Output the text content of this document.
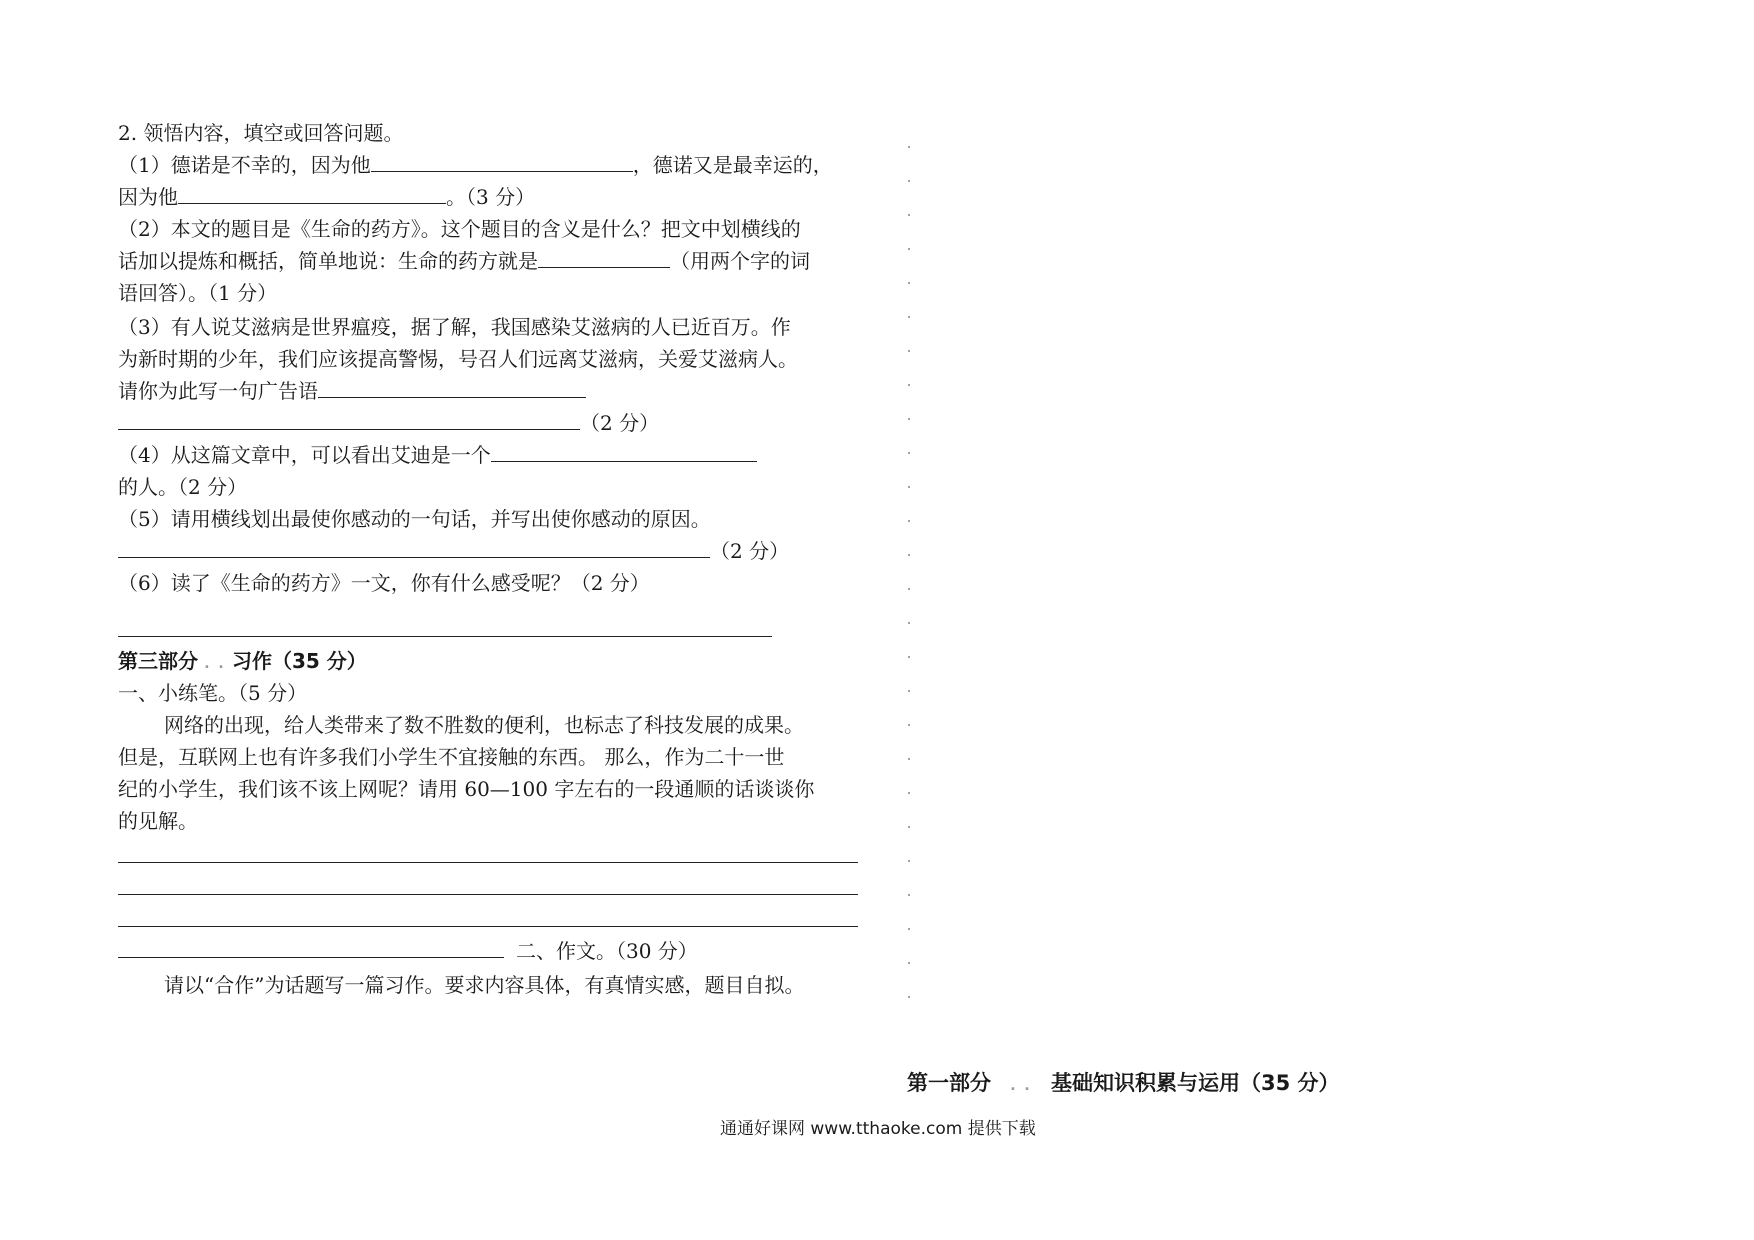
2. 领悟内容，填空或回答问题。
（1）德诺是不幸的，因为他	，德诺又是最幸运的，
因为他	。（3 分）
（2）本文的题目是《生命的药方》。这个题目的含义是什么？把文中划横线的
话加以提炼和概括，简单地说：生命的药方就是	（用两个字的词
语回答）。（1 分）
（3）有人说艾滋病是世界瘟疫，据了解，我国感染艾滋病的人已近百万。作
为新时期的少年，我们应该提高警惕，号召人们远离艾滋病，关爱艾滋病人。
请你为此写一句广告语
（2 分）
（4）从这篇文章中，可以看出艾迪是一个
的人。（2 分）
（5）请用横线划出最使你感动的一句话，并写出使你感动的原因。
（2 分）
（6）读了《生命的药方》一文，你有什么感受呢？（2 分）
第三部分 . . 习作（35 分）
一、小练笔。（5 分）
网络的出现，给人类带来了数不胜数的便利，也标志了科技发展的成果。
但是，互联网上也有许多我们小学生不宜接触的东西。 那么，作为二十一世
纪的小学生，我们该不该上网呢？请用 60—100 字左右的一段通顺的话谈谈你
的见解。
二、作文。（30 分）
请以“合作”为话题写一篇习作。要求内容具体，有真情实感，题目自拟。
第一部分 . . 基础知识积累与运用（35 分）
通通好课网 www.tthaoke.com 提供下载
